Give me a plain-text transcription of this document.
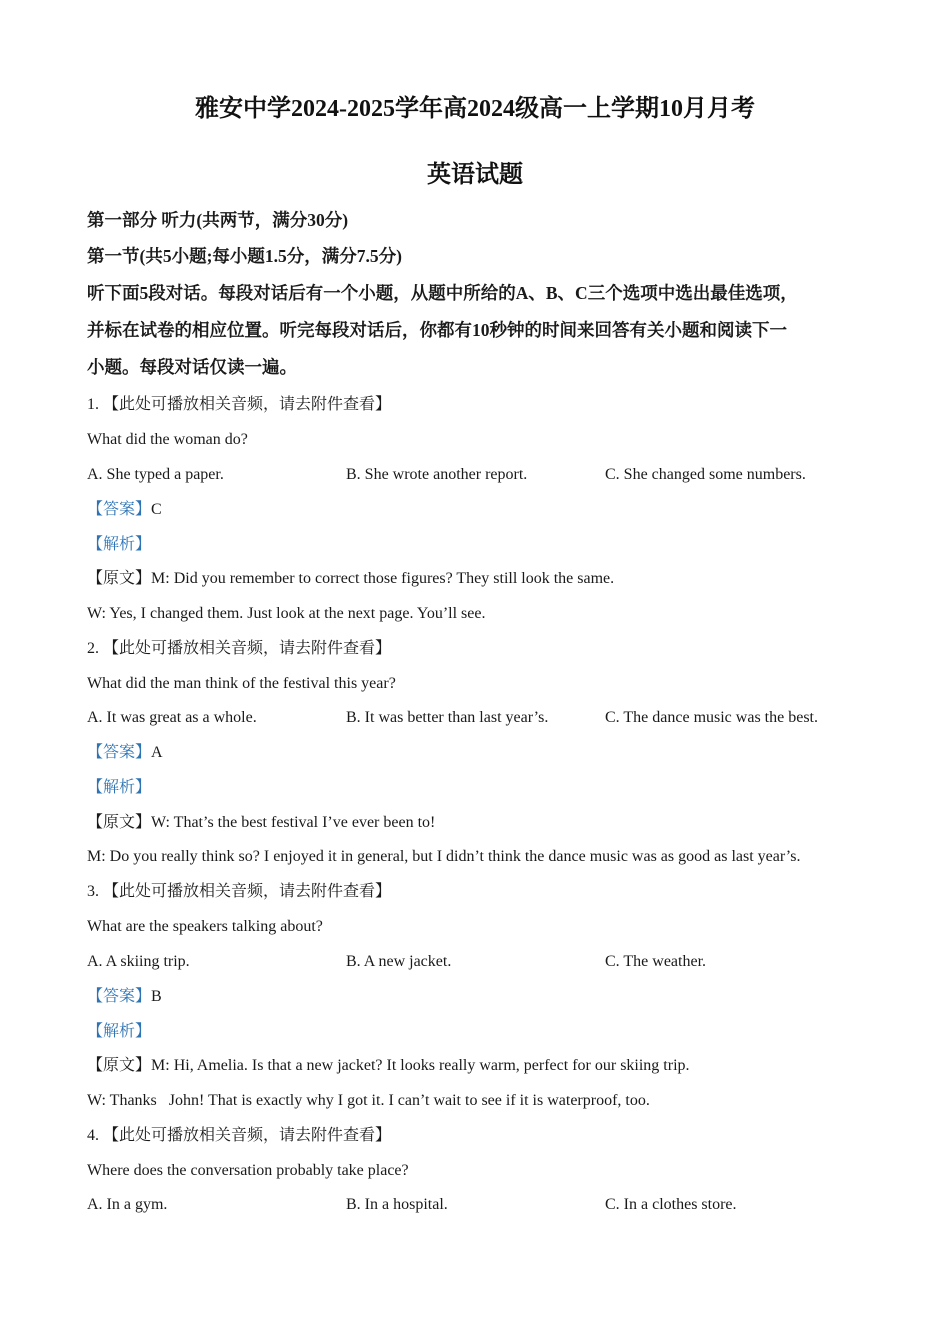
雅安中学2024-2025学年高2024级高一上学期10月月考
英语试题
第一部分 听力(共两节，满分30分)
第一节(共5小题;每小题1.5分，满分7.5分)
听下面5段对话。每段对话后有一个小题，从题中所给的A、B、C三个选项中选出最佳选项，
并标在试卷的相应位置。听完每段对话后，你都有10秒钟的时间来回答有关小题和阅读下一
小题。每段对话仅读一遍。
1. 【此处可播放相关音频，请去附件查看】
What did the woman do?
A. She typed a paper.	B. She wrote another report.	C. She changed some numbers.
【答案】C
【解析】
【原文】M: Did you remember to correct those figures? They still look the same.
W: Yes, I changed them. Just look at the next page. You’ll see.
2. 【此处可播放相关音频，请去附件查看】
What did the man think of the festival this year?
A. It was great as a whole.	B. It was better than last year’s.	C. The dance music was the best.
【答案】A
【解析】
【原文】W: That’s the best festival I’ve ever been to!
M: Do you really think so? I enjoyed it in general, but I didn’t think the dance music was as good as last year’s.
3. 【此处可播放相关音频，请去附件查看】
What are the speakers talking about?
A. A skiing trip.	B. A new jacket.	C. The weather.
【答案】B
【解析】
【原文】M: Hi, Amelia. Is that a new jacket? It looks really warm, perfect for our skiing trip.
W: Thanks   John! That is exactly why I got it. I can’t wait to see if it is waterproof, too.
4. 【此处可播放相关音频，请去附件查看】
Where does the conversation probably take place?
A. In a gym.	B. In a hospital.	C. In a clothes store.
